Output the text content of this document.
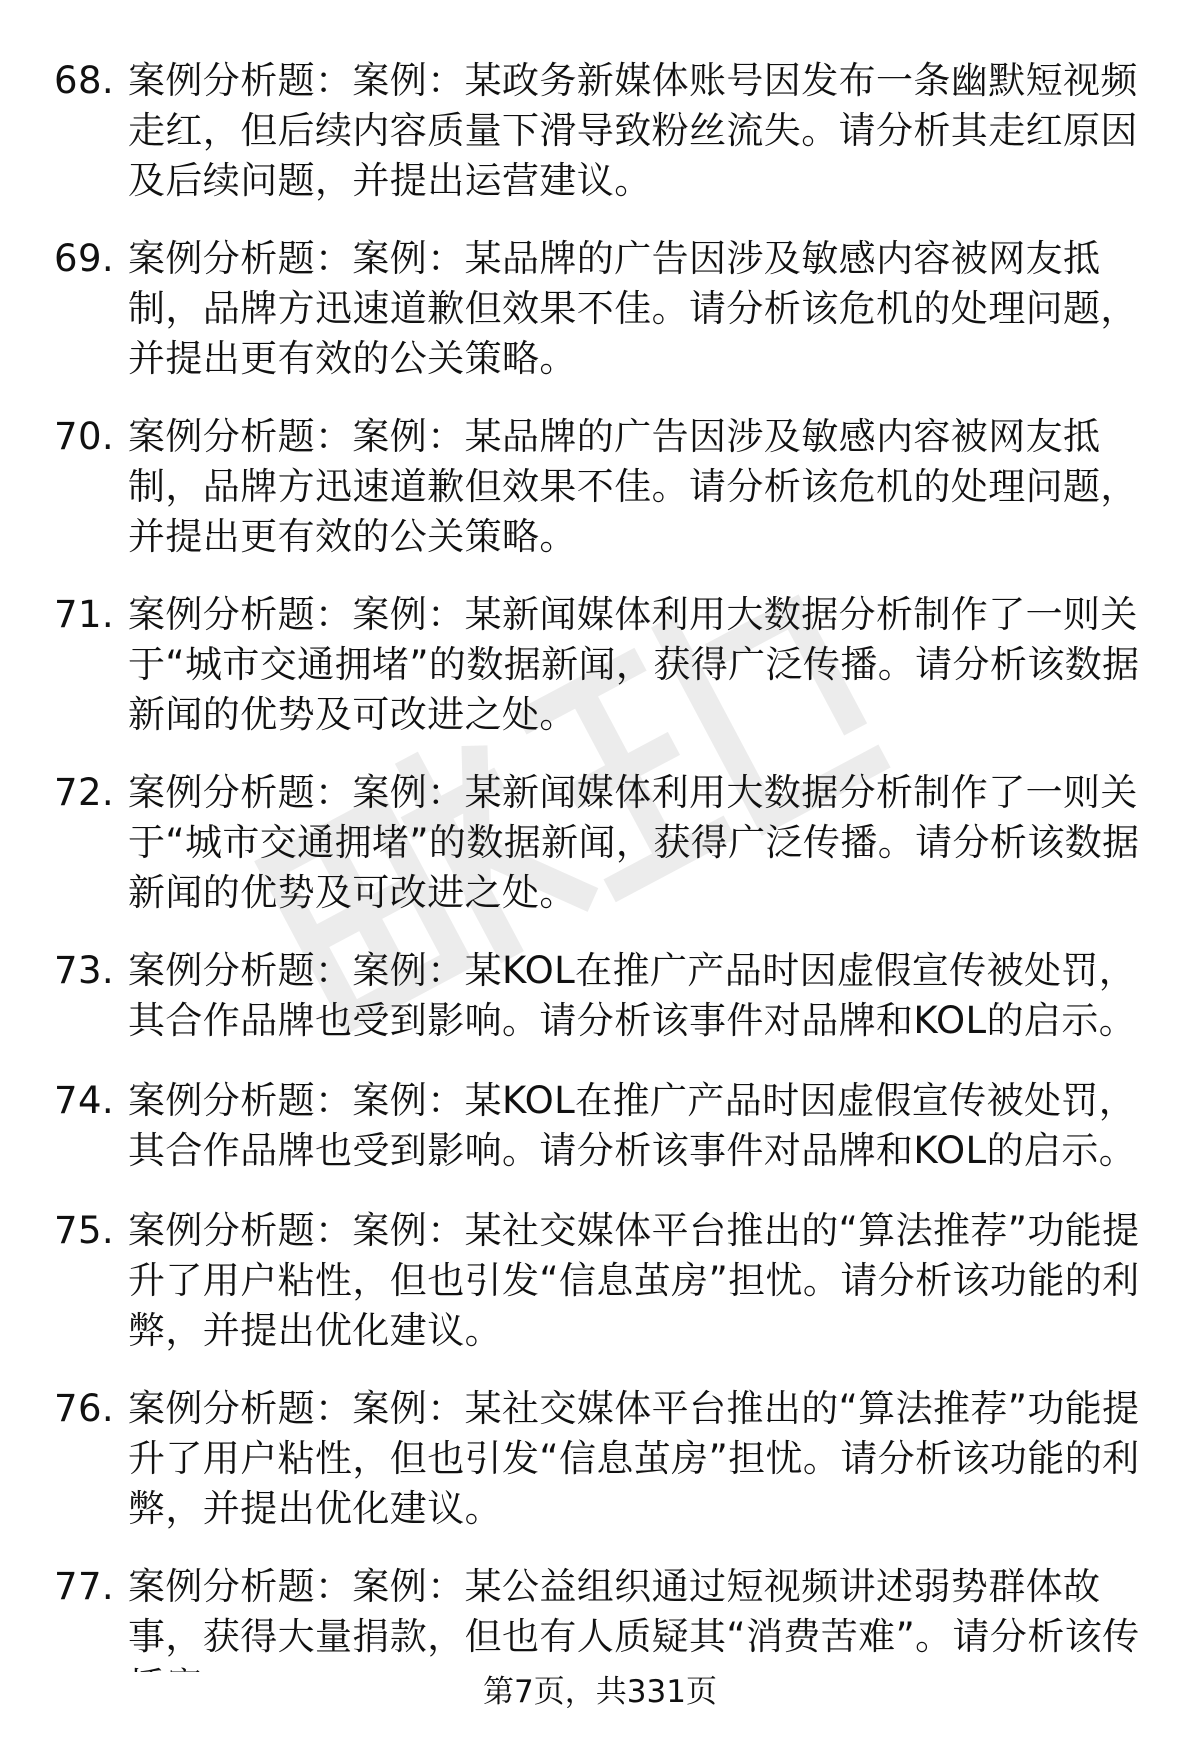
68. 案例分析题：案例：某政务新媒体账号因发布一条幽默短视频走红，但后续内容质量下滑导致粉丝流失。请分析其走红原因及后续问题，并提出运营建议。

69. 案例分析题：案例：某品牌的广告因涉及敏感内容被网友抵制，品牌方迅速道歉但效果不佳。请分析该危机的处理问题，并提出更有效的公关策略。

70. 案例分析题：案例：某品牌的广告因涉及敏感内容被网友抵制，品牌方迅速道歉但效果不佳。请分析该危机的处理问题，并提出更有效的公关策略。

71. 案例分析题：案例：某新闻媒体利用大数据分析制作了一则关于“城市交通拥堵”的数据新闻，获得广泛传播。请分析该数据新闻的优势及可改进之处。

72. 案例分析题：案例：某新闻媒体利用大数据分析制作了一则关于“城市交通拥堵”的数据新闻，获得广泛传播。请分析该数据新闻的优势及可改进之处。

73. 案例分析题：案例：某KOL在推广产品时因虚假宣传被处罚，其合作品牌也受到影响。请分析该事件对品牌和KOL的启示。

74. 案例分析题：案例：某KOL在推广产品时因虚假宣传被处罚，其合作品牌也受到影响。请分析该事件对品牌和KOL的启示。

75. 案例分析题：案例：某社交媒体平台推出的“算法推荐”功能提升了用户粘性，但也引发“信息茧房”担忧。请分析该功能的利弊，并提出优化建议。

76. 案例分析题：案例：某社交媒体平台推出的“算法推荐”功能提升了用户粘性，但也引发“信息茧房”担忧。请分析该功能的利弊，并提出优化建议。

77. 案例分析题：案例：某公益组织通过短视频讲述弱势群体故事，获得大量捐款，但也有人质疑其“消费苦难”。请分析该传

第7页，共331页
